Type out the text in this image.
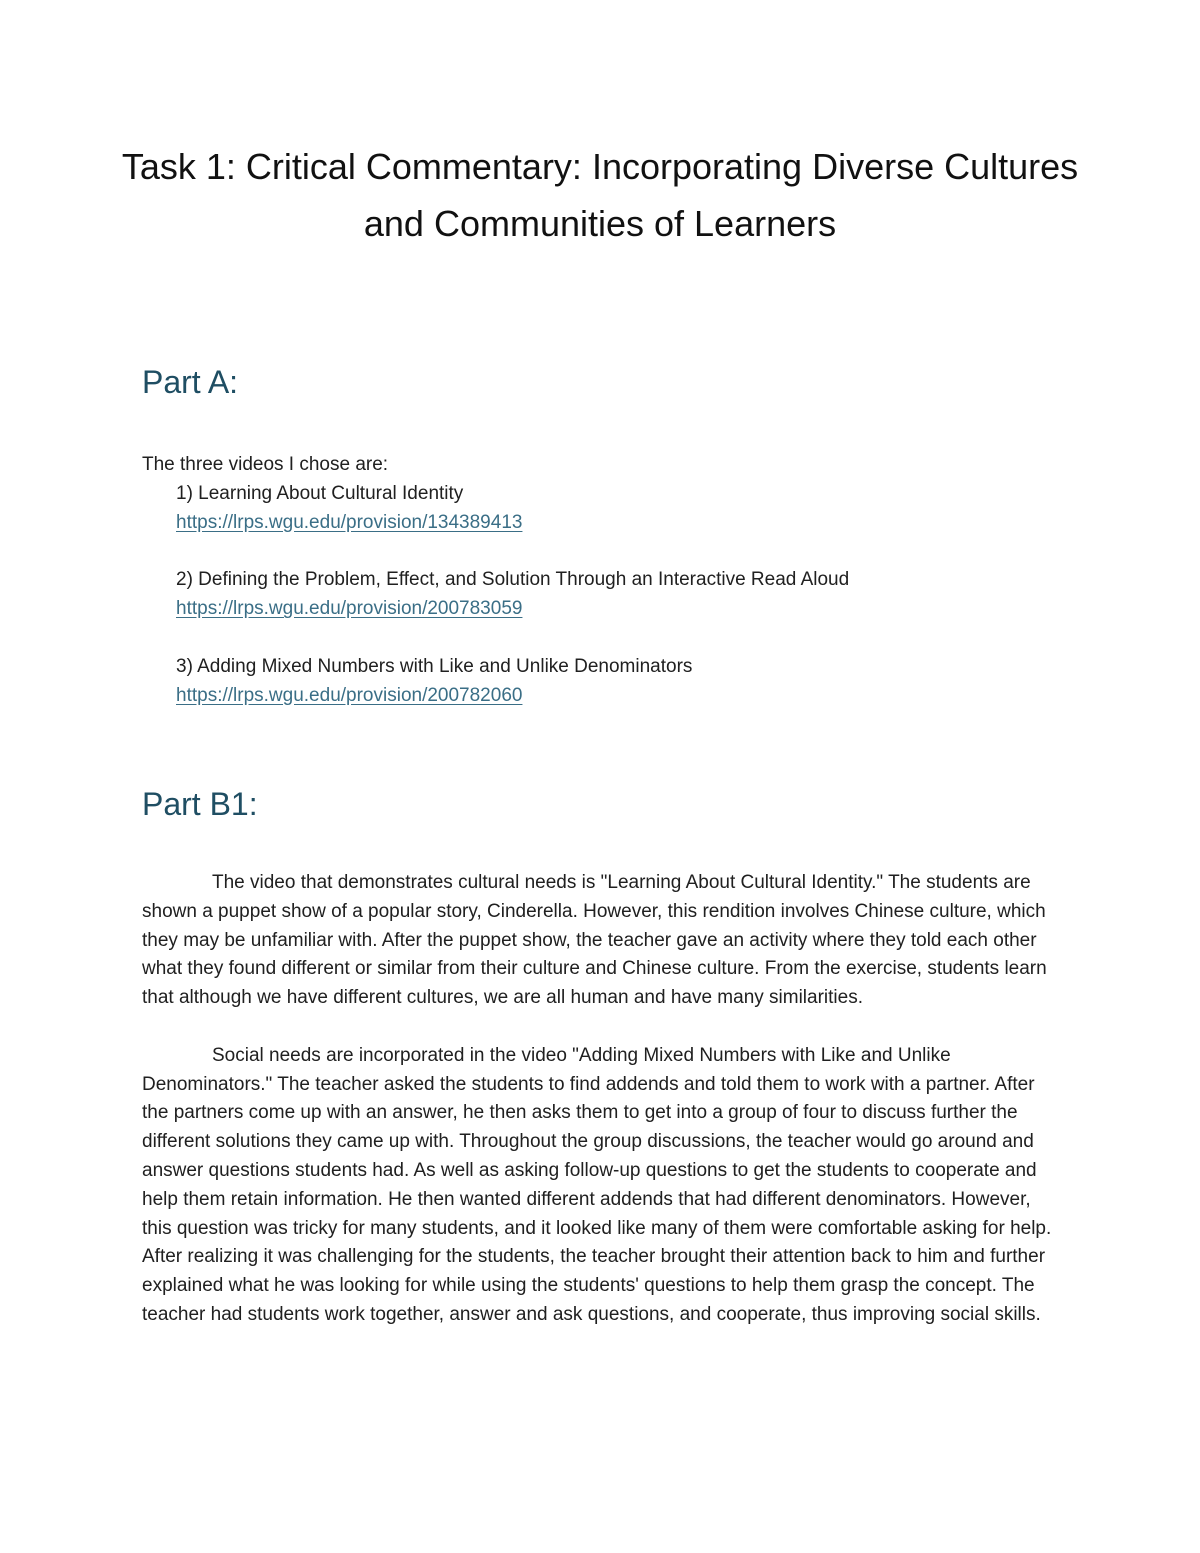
Task 1: Critical Commentary: Incorporating Diverse Cultures and Communities of Learners
Part A:

The three videos I chose are:

1) Learning About Cultural Identity
https://lrps.wgu.edu/provision/134389413
2) Defining the Problem, Effect, and Solution Through an Interactive Read Aloud
https://lrps.wgu.edu/provision/200783059
3) Adding Mixed Numbers with Like and Unlike Denominators
https://lrps.wgu.edu/provision/200782060
Part B1:

The video that demonstrates cultural needs is "Learning About Cultural Identity." The students are shown a puppet show of a popular story, Cinderella. However, this rendition involves Chinese culture, which they may be unfamiliar with. After the puppet show, the teacher gave an activity where they told each other what they found different or similar from their culture and Chinese culture. From the exercise, students learn that although we have different cultures, we are all human and have many similarities.

Social needs are incorporated in the video "Adding Mixed Numbers with Like and Unlike Denominators." The teacher asked the students to find addends and told them to work with a partner. After the partners come up with an answer, he then asks them to get into a group of four to discuss further the different solutions they came up with. Throughout the group discussions, the teacher would go around and answer questions students had. As well as asking follow-up questions to get the students to cooperate and help them retain information. He then wanted different addends that had different denominators. However, this question was tricky for many students, and it looked like many of them were comfortable asking for help. After realizing it was challenging for the students, the teacher brought their attention back to him and further explained what he was looking for while using the students' questions to help them grasp the concept. The teacher had students work together, answer and ask questions, and cooperate, thus improving social skills.
